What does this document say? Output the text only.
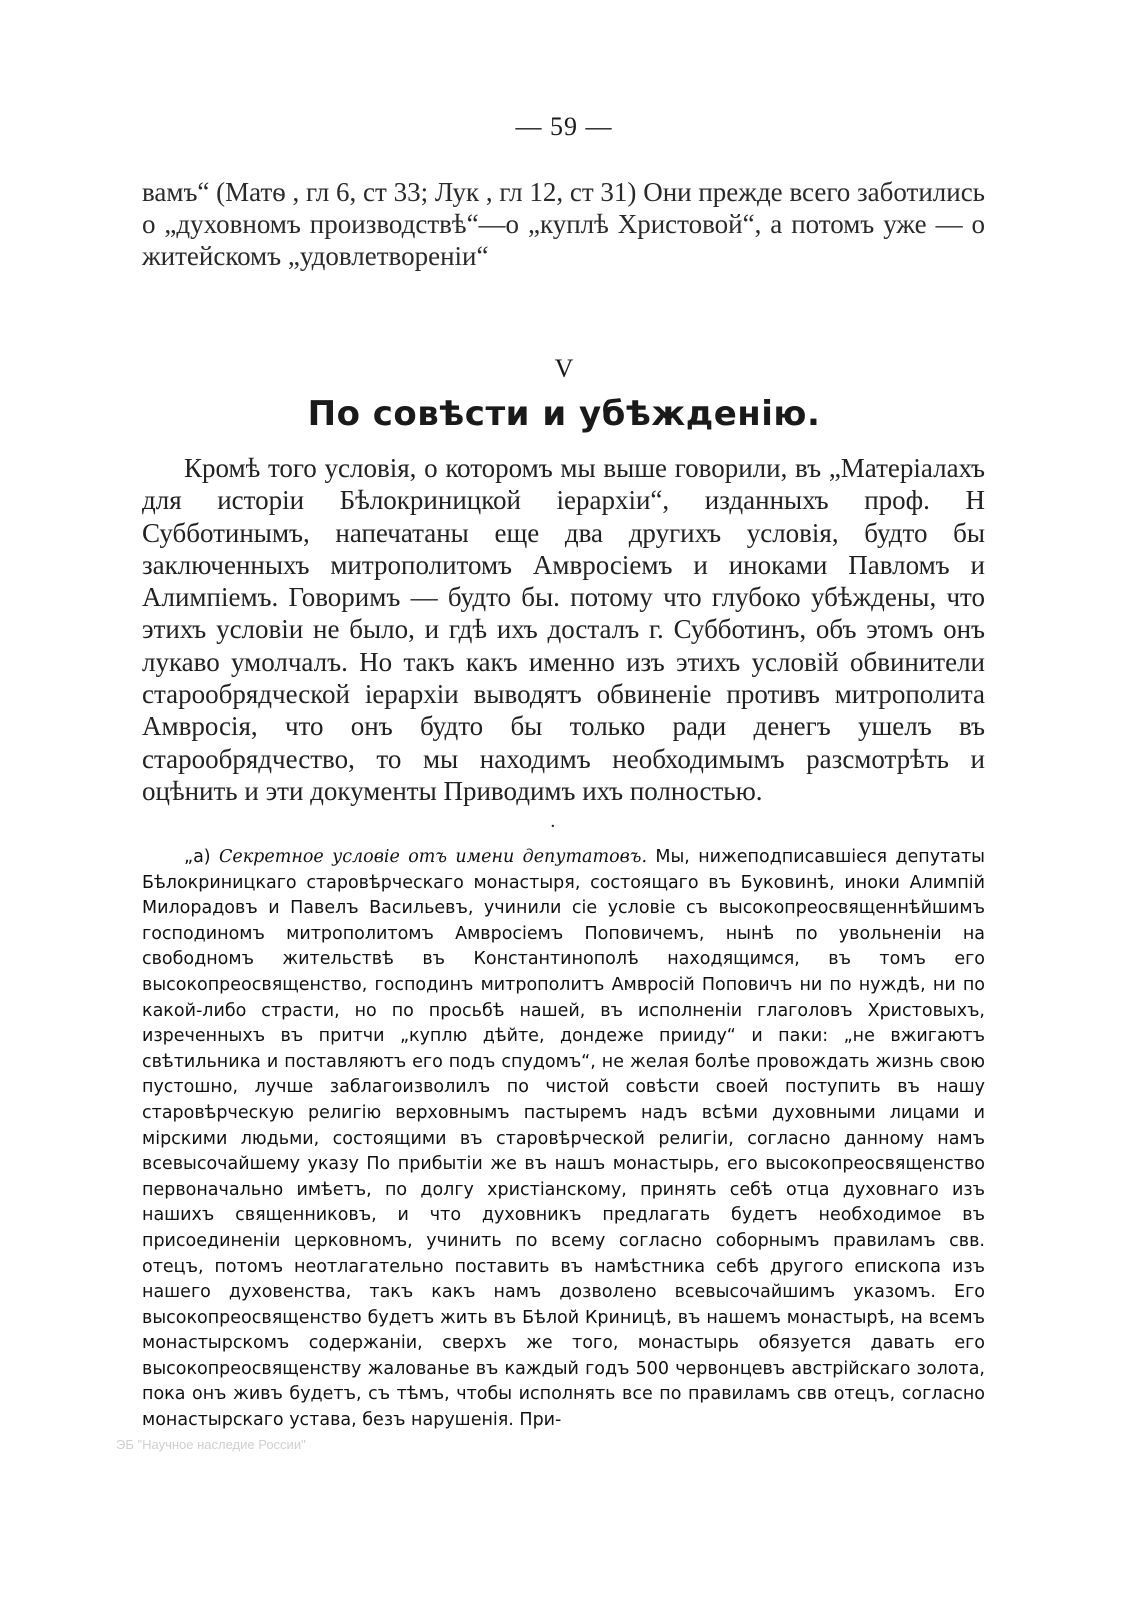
— 59 —
вамъ“ (Матѳ , гл 6, ст 33; Лук , гл 12, ст 31) Они прежде всего заботились о „духовномъ производствѣ“—о „куплѣ Христовой“, а потомъ уже — о житейскомъ „удовлетворенiи“
V
По совѣсти и убѣжденiю.
Кромѣ того условiя, о которомъ мы выше говорили, въ „Матерiалахъ для исторiи Бѣлокриницкой iерархiи“, изданныхъ проф. Н Субботинымъ, напечатаны еще два другихъ условiя, будто бы заключенныхъ митрополитомъ Амвросiемъ и иноками Павломъ и Алимпiемъ. Говоримъ — будто бы. потому что глубоко убѣждены, что этихъ условiи не было, и гдѣ ихъ досталъ г. Субботинъ, объ этомъ онъ лукаво умолчалъ. Но такъ какъ именно изъ этихъ условiй обвинители старообрядческой iерархiи выводятъ обвиненiе противъ митрополита Амвросiя, что онъ будто бы только ради денегъ ушелъ въ старообрядчество, то мы находимъ необходимымъ разсмотрѣть и оцѣнить и эти документы Приводимъ ихъ полностью.
·
„а) Секретное условiе отъ имени депутатовъ. Мы, нижеподписавшiеся депутаты Бѣлокриницкаго старовѣрческаго монастыря, состоящаго въ Буковинѣ, иноки Алимпiй Милорадовъ и Павелъ Васильевъ, учинили сiе условiе съ высокопреосвященнѣйшимъ господиномъ митрополитомъ Амвросiемъ Поповичемъ, нынѣ по увольненiи на свободномъ жительствѣ въ Константинополѣ находящимся, въ томъ его высокопреосвященство, господинъ митрополитъ Амвросiй Поповичъ ни по нуждѣ, ни по какой-либо страсти, но по просьбѣ нашей, въ исполненiи глаголовъ Христовыхъ, изреченныхъ въ притчи „куплю дѣйте, дондеже прииду“ и паки: „не вжигаютъ свѣтильника и поставляютъ его подъ спудомъ“, не желая болѣе провождать жизнь свою пустошно, лучше заблагоизволилъ по чистой совѣсти своей поступить въ нашу старовѣрческую религiю верховнымъ пастыремъ надъ всѣми духовными лицами и мiрскими людьми, состоящими въ старовѣрческой религiи, согласно данному намъ всевысочайшему указу По прибытiи же въ нашъ монастырь, его высокопреосвященство первоначально имѣетъ, по долгу христiанскому, принять себѣ отца духовнаго изъ нашихъ священниковъ, и что духовникъ предлагать будетъ необходимое въ присоединенiи церковномъ, учинить по всему согласно соборнымъ правиламъ свв. отецъ, потомъ неотлагательно поставить въ намѣстника себѣ другого епископа изъ нашего духовенства, такъ какъ намъ дозволено всевысочайшимъ указомъ. Его высокопреосвященство будетъ жить въ Бѣлой Криницѣ, въ нашемъ монастырѣ, на всемъ монастырскомъ содержанiи, сверхъ же того, монастырь обязуется давать его высокопреосвященству жалованье въ каждый годъ 500 червонцевъ австрiйскаго золота, пока онъ живъ будетъ, съ тѣмъ, чтобы исполнять все по правиламъ свв отецъ, согласно монастырскаго устава, безъ нарушенiя. При-
ЭБ "Научное наследие России"
